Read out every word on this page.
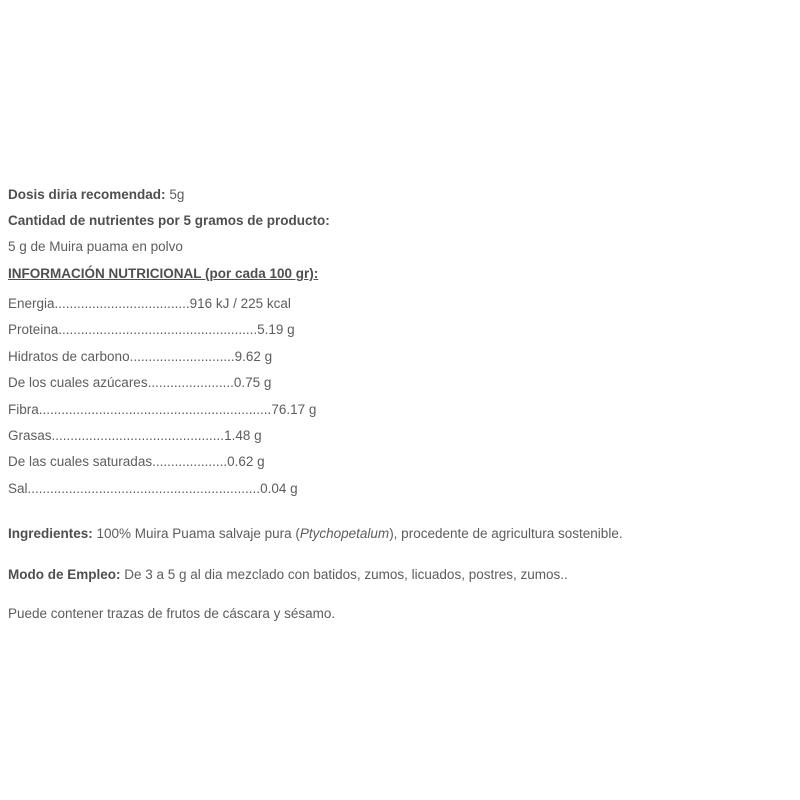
Dosis diria recomendad: 5g
Cantidad de nutrientes por 5 gramos de producto:
5 g de Muira puama en polvo
INFORMACIÓN NUTRICIONAL (por cada 100 gr):
Energia....................................916 kJ / 225 kcal
Proteina.....................................................5.19 g
Hidratos de carbono............................9.62 g
De los cuales azúcares.......................0.75 g
Fibra..............................................................76.17 g
Grasas..............................................1.48 g
De las cuales saturadas....................0.62 g
Sal..............................................................0.04 g
Ingredientes: 100% Muira Puama salvaje pura (Ptychopetalum), procedente de agricultura sostenible.
Modo de Empleo: De 3 a 5 g al dia mezclado con batidos, zumos, licuados, postres, zumos..
Puede contener trazas de frutos de cáscara y sésamo.
